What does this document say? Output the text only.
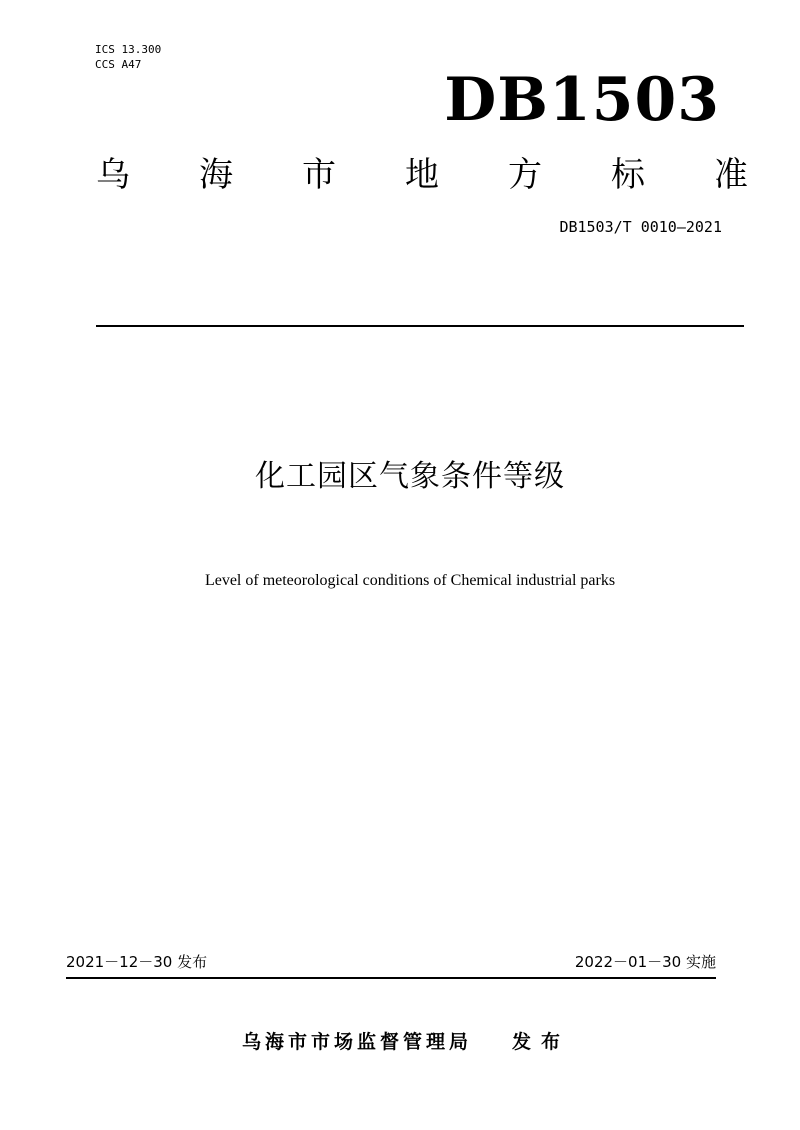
ICS 13.300
CCS A47
DB1503
乌 海 市 地 方 标 准
DB1503/T 0010—2021
化工园区气象条件等级
Level of meteorological conditions of Chemical industrial parks
2021－12－30 发布	2022－01－30 实施
乌海市市场监督管理局 发布
